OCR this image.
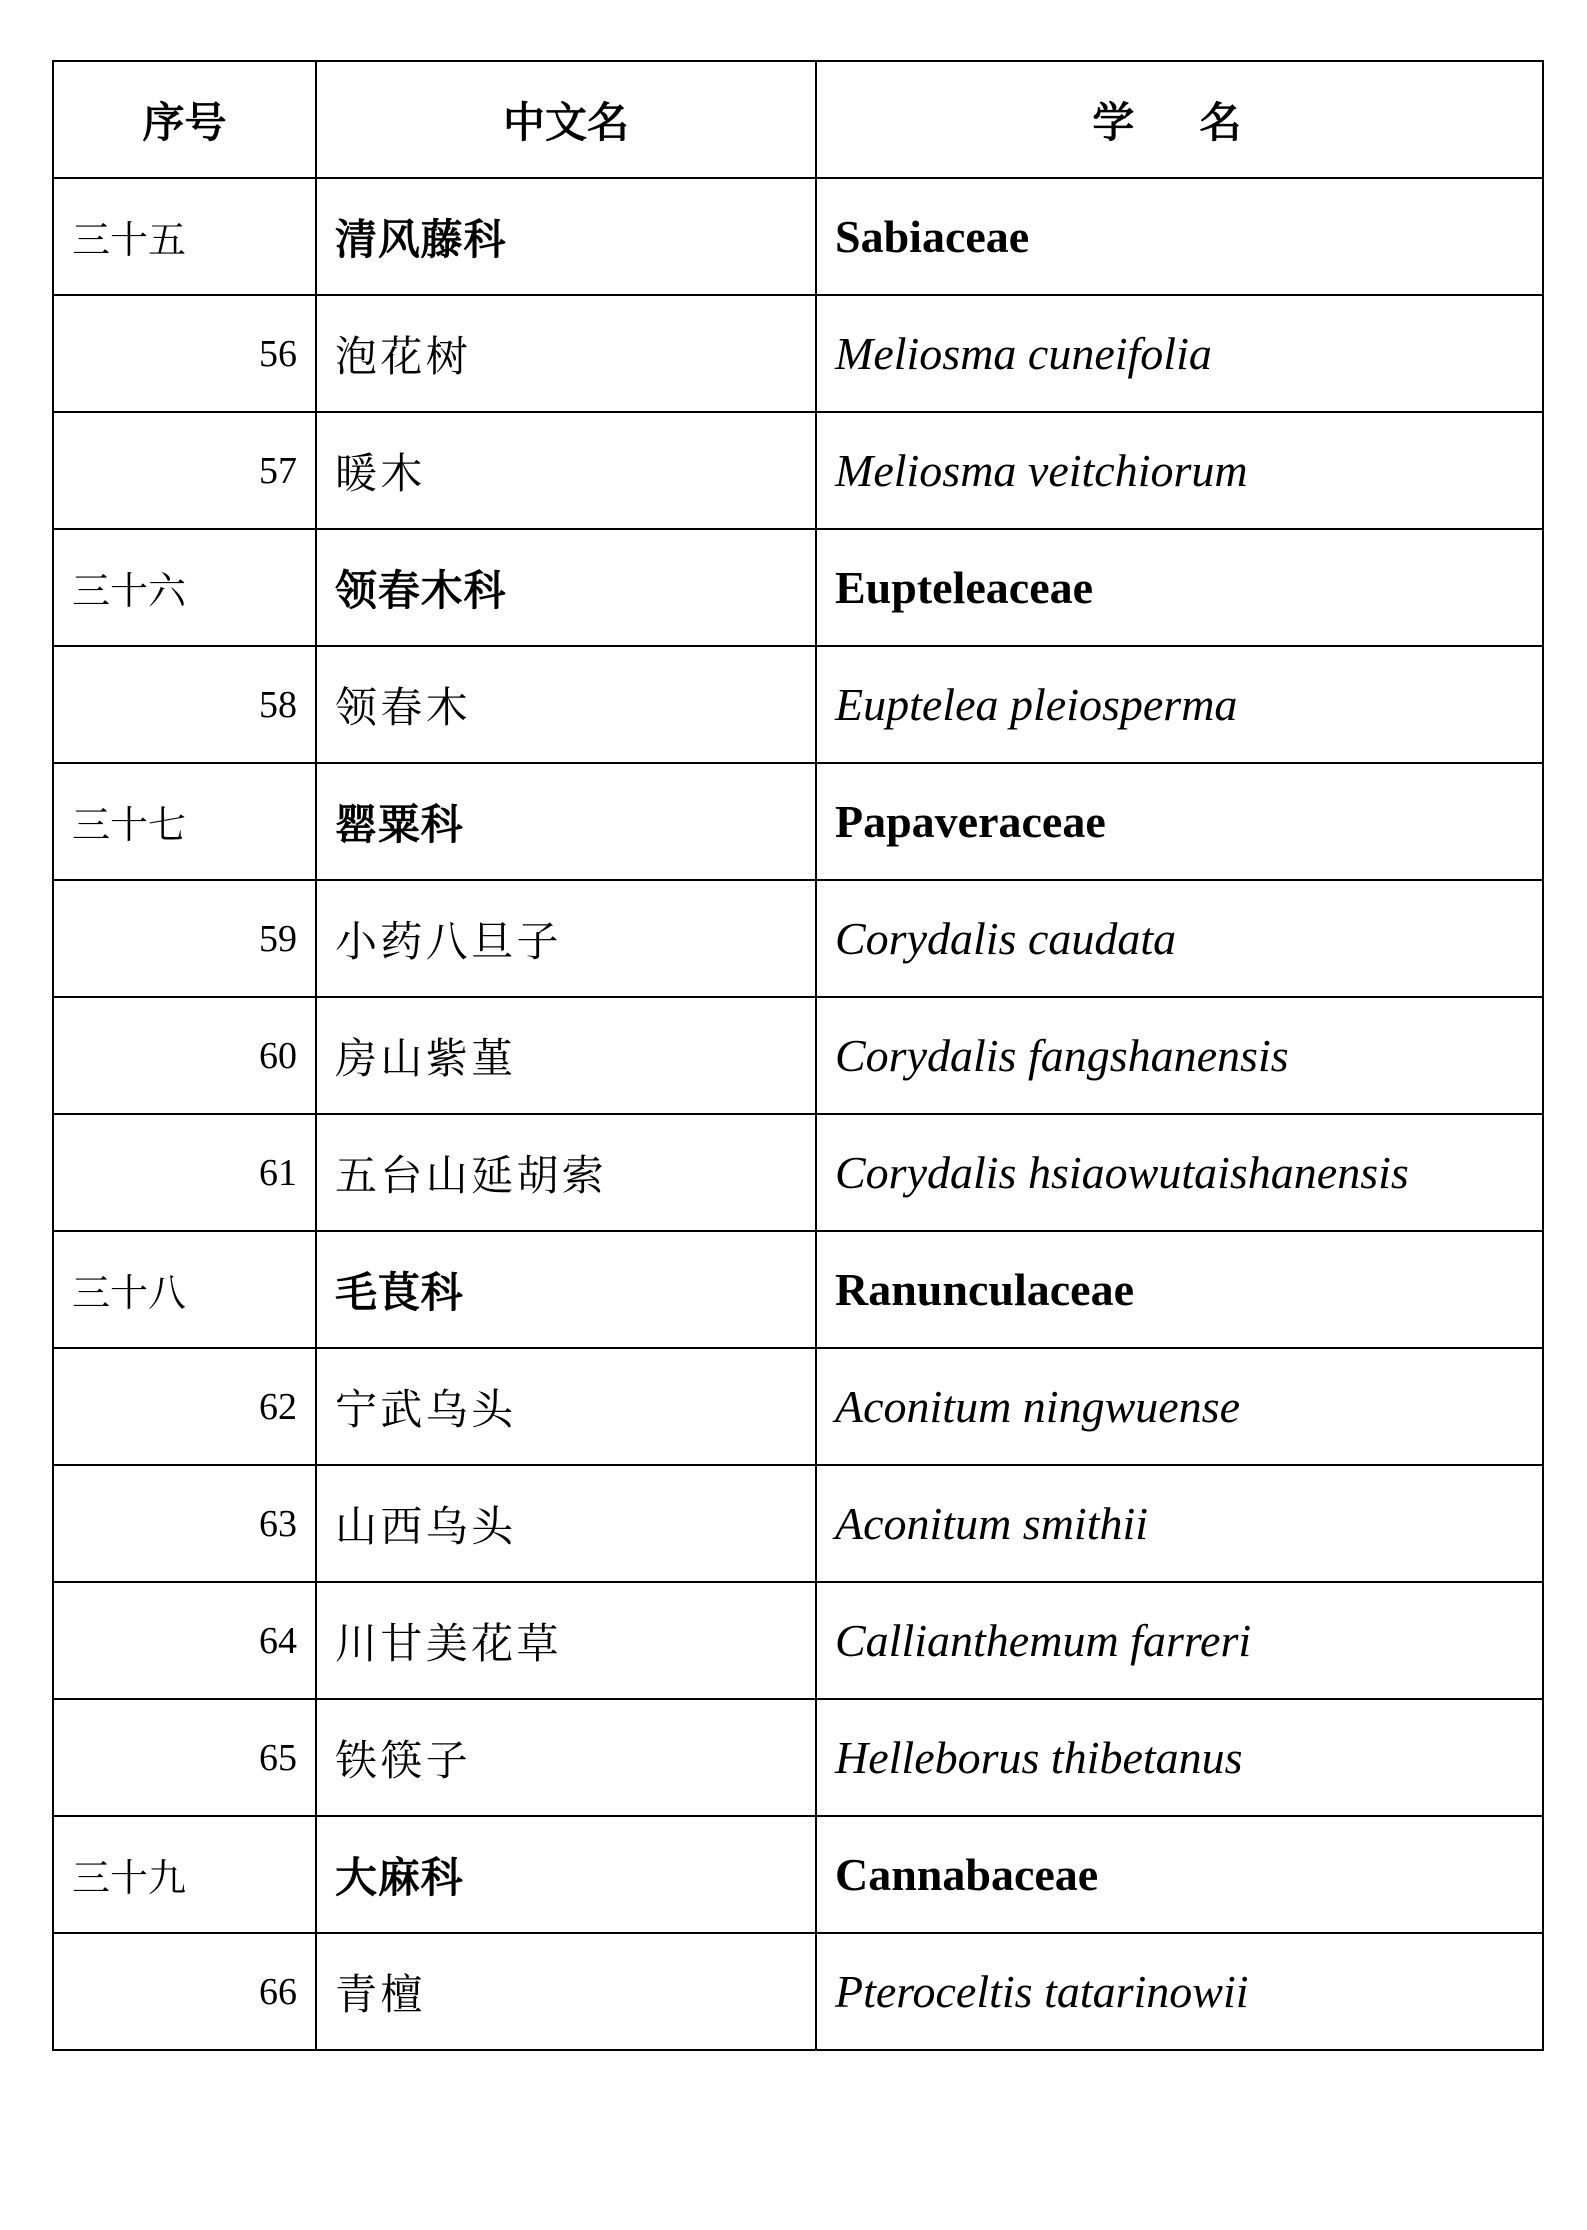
序号	中文名	学 名
三十五	清风藤科	Sabiaceae
56	泡花树	Meliosma cuneifolia
57	暖木	Meliosma veitchiorum
三十六	领春木科	Eupteleaceae
58	领春木	Euptelea pleiosperma
三十七	罂粟科	Papaveraceae
59	小药八旦子	Corydalis caudata
60	房山紫堇	Corydalis fangshanensis
61	五台山延胡索	Corydalis hsiaowutaishanensis
三十八	毛茛科	Ranunculaceae
62	宁武乌头	Aconitum ningwuense
63	山西乌头	Aconitum smithii
64	川甘美花草	Callianthemum farreri
65	铁筷子	Helleborus thibetanus
三十九	大麻科	Cannabaceae
66	青檀	Pteroceltis tatarinowii
